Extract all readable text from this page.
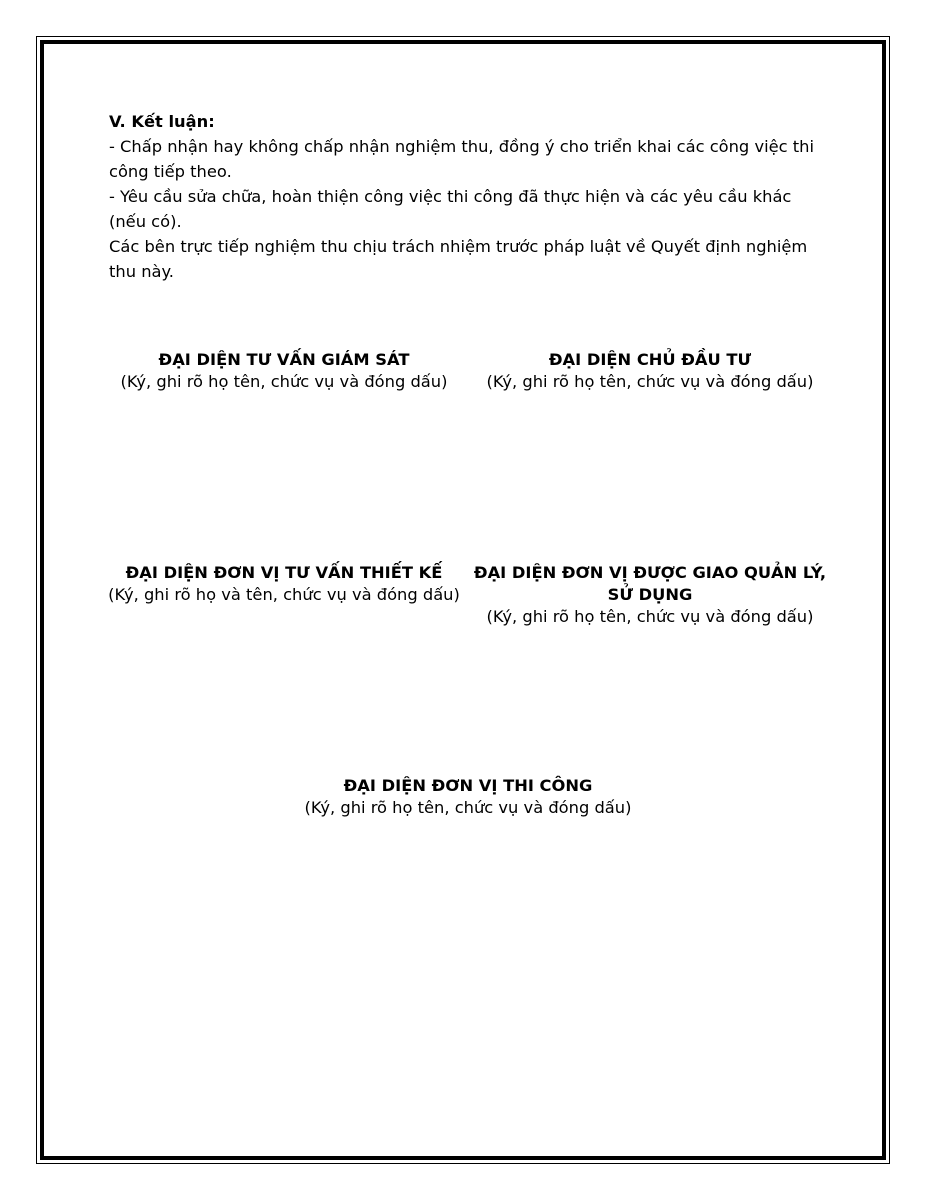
V. Kết luận:

- Chấp nhận hay không chấp nhận nghiệm thu, đồng ý cho triển khai các công việc thi công tiếp theo.

- Yêu cầu sửa chữa, hoàn thiện công việc thi công đã thực hiện và các yêu cầu khác (nếu có).

Các bên trực tiếp nghiệm thu chịu trách nhiệm trước pháp luật về Quyết định nghiệm thu này.

ĐẠI DIỆN TƯ VẤN GIÁM SÁT
(Ký, ghi rõ họ tên, chức vụ và đóng dấu)
ĐẠI DIỆN CHỦ ĐẦU TƯ
(Ký, ghi rõ họ tên, chức vụ và đóng dấu)
ĐẠI DIỆN ĐƠN VỊ TƯ VẤN THIẾT KẾ
(Ký, ghi rõ họ và tên, chức vụ và đóng dấu)
ĐẠI DIỆN ĐƠN VỊ ĐƯỢC GIAO QUẢN LÝ, SỬ DỤNG
(Ký, ghi rõ họ tên, chức vụ và đóng dấu)
ĐẠI DIỆN ĐƠN VỊ THI CÔNG
(Ký, ghi rõ họ tên, chức vụ và đóng dấu)
